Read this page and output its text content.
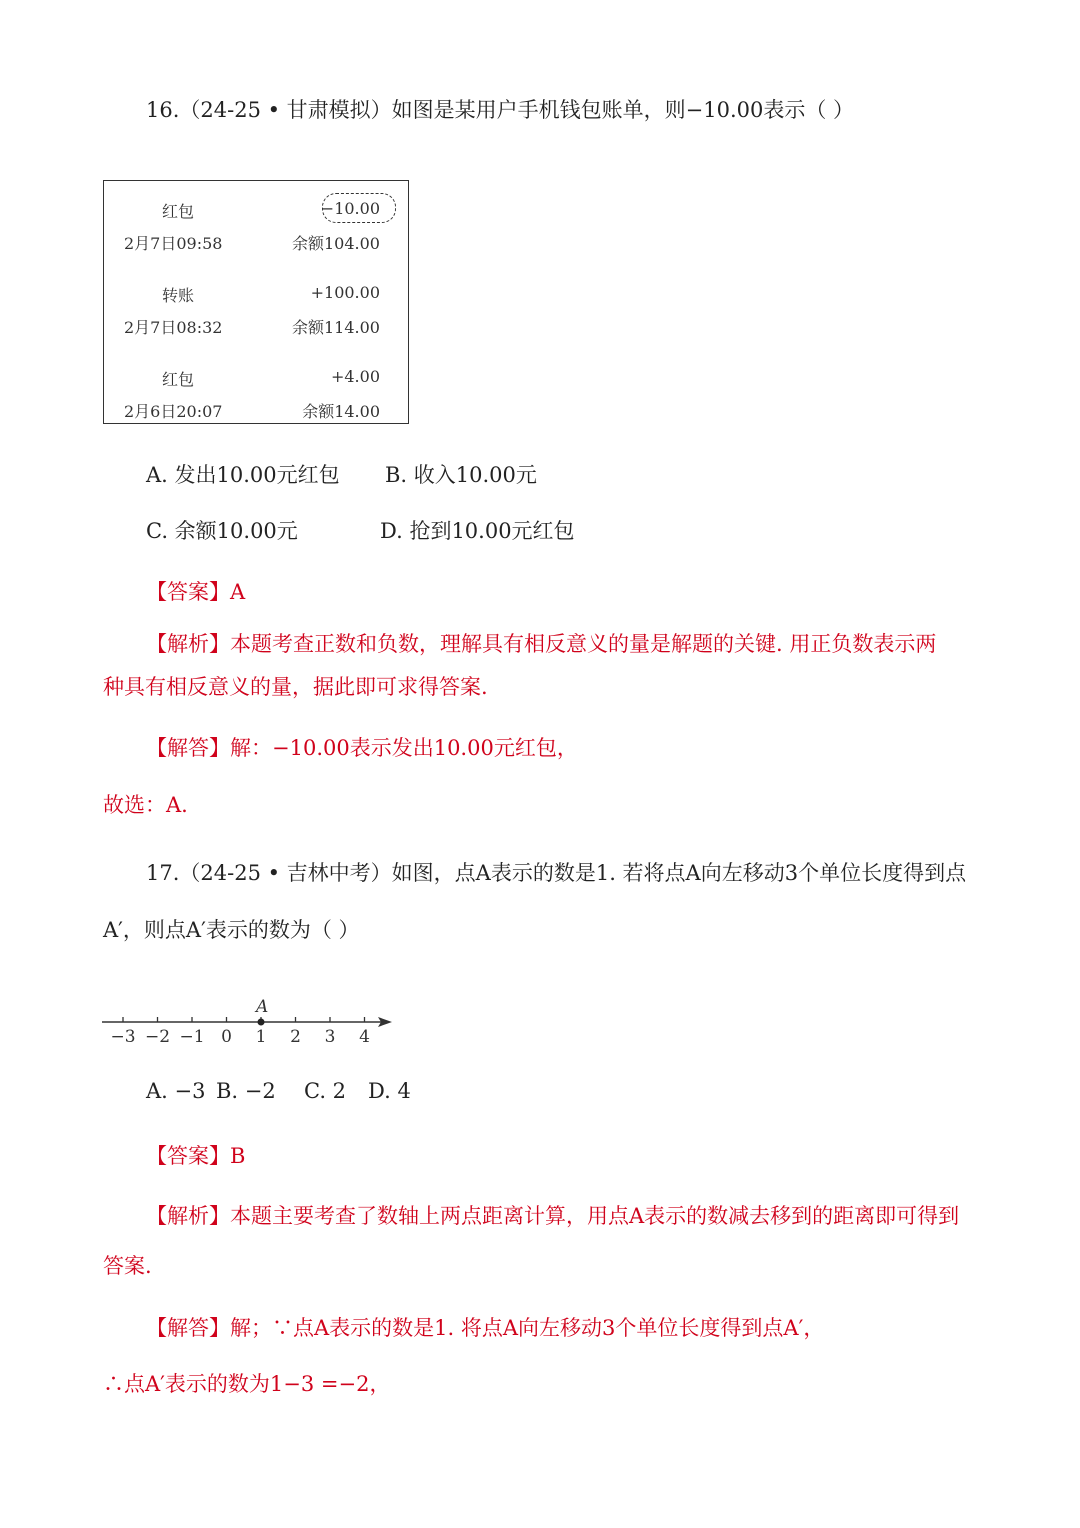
16.（24-25 • 甘肃模拟）如图是某用户手机钱包账单，则−10.00表示（ ）
红包	−10.00
2月7日09:58	余额104.00
转账	+100.00
2月7日08:32	余额114.00
红包	+4.00
2月6日20:07	余额14.00
A. 发出10.00元红包 B. 收入10.00元
C. 余额10.00元	D. 抢到10.00元红包
【答案】A
【解析】本题考查正数和负数，理解具有相反意义的量是解题的关键. 用正负数表示两
种具有相反意义的量，据此即可求得答案.
【解答】解：−10.00表示发出10.00元红包，
故选：A.
17.（24-25 • 吉林中考）如图，点A表示的数是1. 若将点A向左移动3个单位长度得到点
A′，则点A′表示的数为（ ）
−3 −2 −1 0 1 2 3 4
A
A. −3 B. −2 C. 2 D. 4
【答案】B
【解析】本题主要考查了数轴上两点距离计算，用点A表示的数减去移到的距离即可得到
答案.
【解答】解；∵点A表示的数是1. 将点A向左移动3个单位长度得到点A′，
∴点A′表示的数为1−3 =−2，
